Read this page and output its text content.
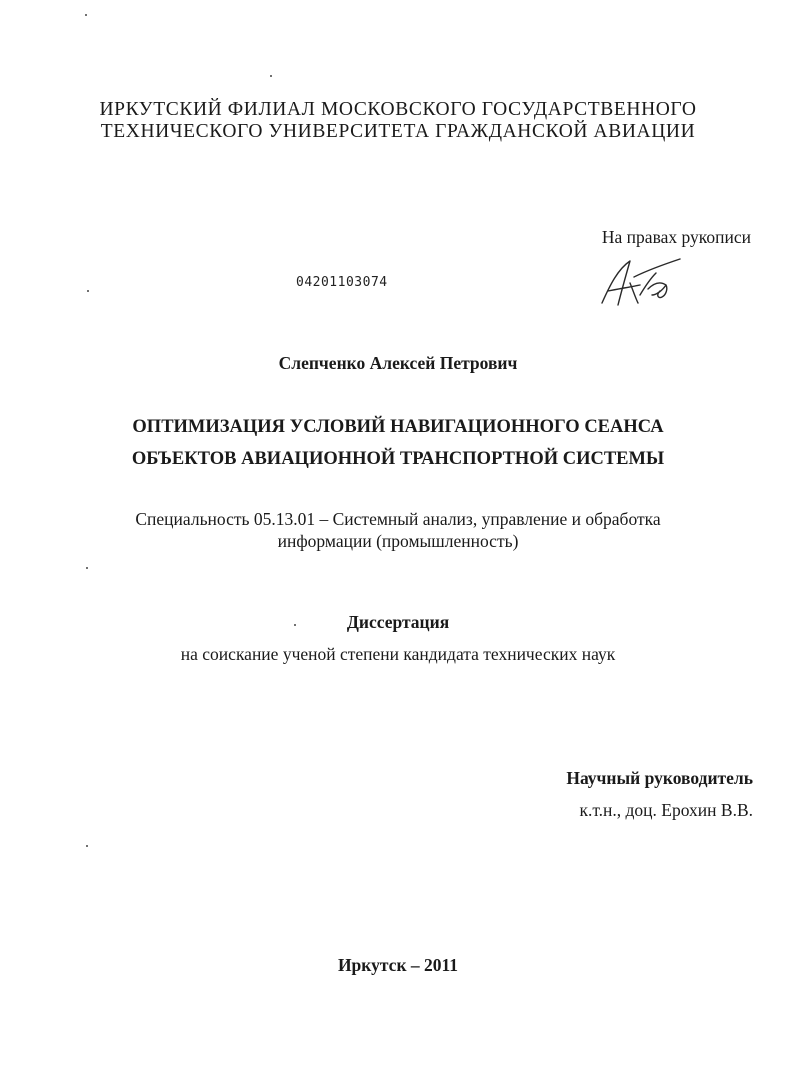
ИРКУТСКИЙ ФИЛИАЛ МОСКОВСКОГО ГОСУДАРСТВЕННОГО
ТЕХНИЧЕСКОГО УНИВЕРСИТЕТА ГРАЖДАНСКОЙ АВИАЦИИ
На правах рукописи
04201103074
Слепченко Алексей Петрович
ОПТИМИЗАЦИЯ УСЛОВИЙ НАВИГАЦИОННОГО СЕАНСА
ОБЪЕКТОВ АВИАЦИОННОЙ ТРАНСПОРТНОЙ СИСТЕМЫ
Специальность 05.13.01 – Системный анализ, управление и обработка
информации (промышленность)
Диссертация
на соискание ученой степени кандидата технических наук
Научный руководитель
к.т.н., доц. Ерохин В.В.
Иркутск – 2011
